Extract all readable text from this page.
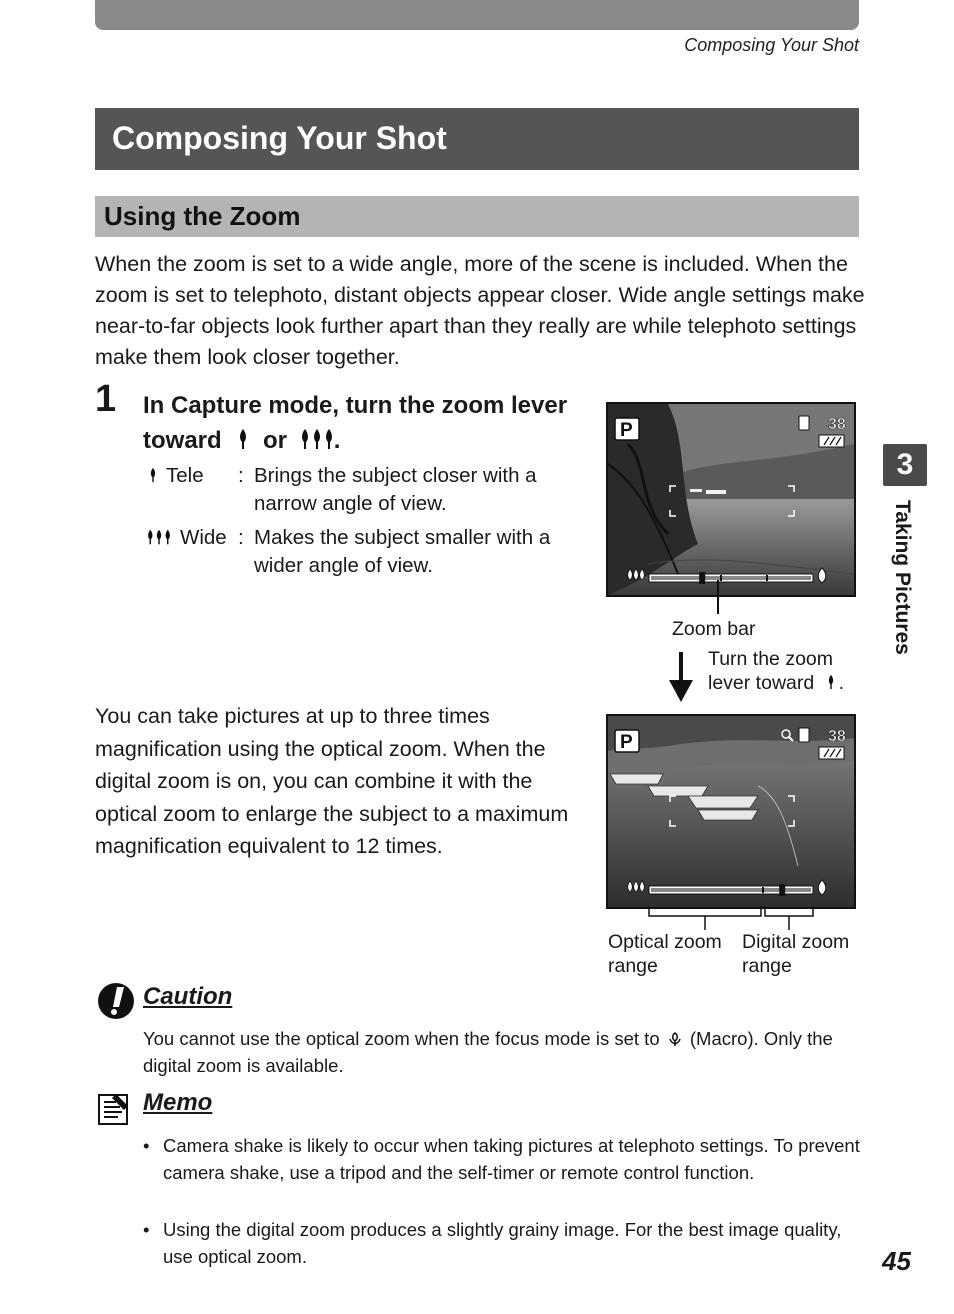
Composing Your Shot
Composing Your Shot
Using the Zoom
When the zoom is set to a wide angle, more of the scene is included. When the zoom is set to telephoto, distant objects appear closer. Wide angle settings make near-to-far objects look further apart than they really are while telephoto settings make them look closer together.
1 In Capture mode, turn the zoom lever toward or .
Tele : Brings the subject closer with a narrow angle of view.
Wide : Makes the subject smaller with a wider angle of view.
P	38
Zoom bar
Turn the zoom
lever toward .
You can take pictures at up to three times magnification using the optical zoom. When the digital zoom is on, you can combine it with the optical zoom to enlarge the subject to a maximum magnification equivalent to 12 times.
P	38
Optical zoom
range
Digital zoom
range
Caution
You cannot use the optical zoom when the focus mode is set to (Macro). Only the digital zoom is available.
Memo
• Camera shake is likely to occur when taking pictures at telephoto settings. To prevent camera shake, use a tripod and the self-timer or remote control function.
• Using the digital zoom produces a slightly grainy image. For the best image quality, use optical zoom.
3
Taking Pictures
45
